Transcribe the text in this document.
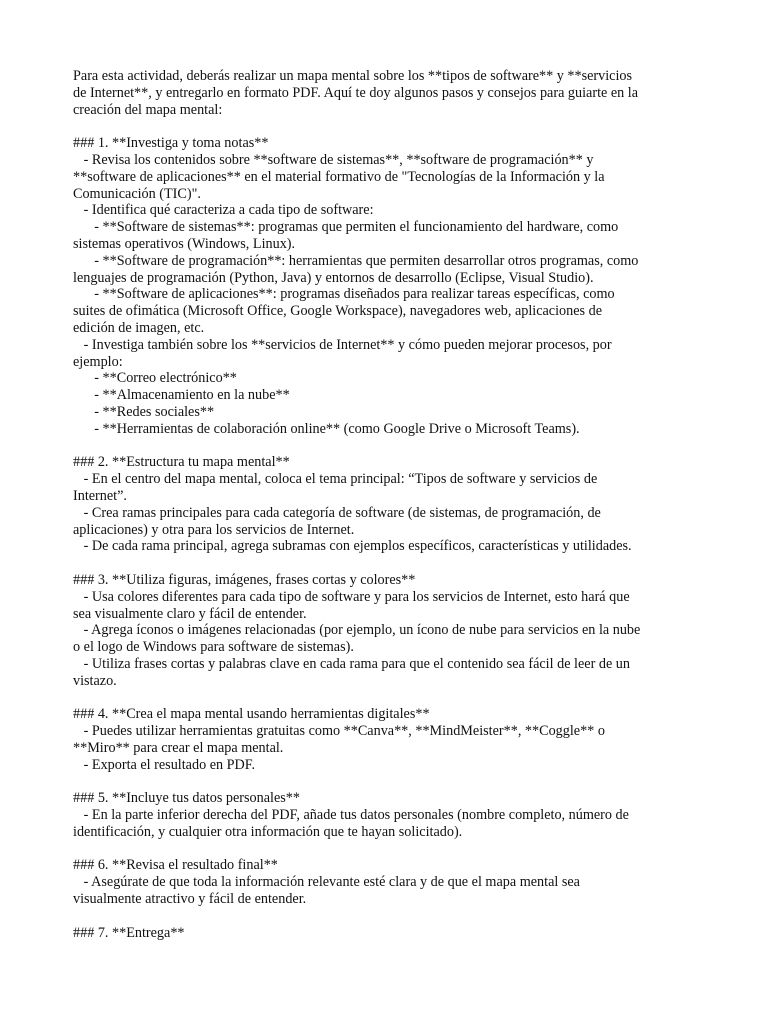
Para esta actividad, deberás realizar un mapa mental sobre los **tipos de software** y **servicios
de Internet**, y entregarlo en formato PDF. Aquí te doy algunos pasos y consejos para guiarte en la
creación del mapa mental:
### 1. **Investiga y toma notas**
- Revisa los contenidos sobre **software de sistemas**, **software de programación** y
**software de aplicaciones** en el material formativo de "Tecnologías de la Información y la
Comunicación (TIC)".
- Identifica qué caracteriza a cada tipo de software:
- **Software de sistemas**: programas que permiten el funcionamiento del hardware, como
sistemas operativos (Windows, Linux).
- **Software de programación**: herramientas que permiten desarrollar otros programas, como
lenguajes de programación (Python, Java) y entornos de desarrollo (Eclipse, Visual Studio).
- **Software de aplicaciones**: programas diseñados para realizar tareas específicas, como
suites de ofimática (Microsoft Office, Google Workspace), navegadores web, aplicaciones de
edición de imagen, etc.
- Investiga también sobre los **servicios de Internet** y cómo pueden mejorar procesos, por
ejemplo:
- **Correo electrónico**
- **Almacenamiento en la nube**
- **Redes sociales**
- **Herramientas de colaboración online** (como Google Drive o Microsoft Teams).
### 2. **Estructura tu mapa mental**
- En el centro del mapa mental, coloca el tema principal: “Tipos de software y servicios de
Internet”.
- Crea ramas principales para cada categoría de software (de sistemas, de programación, de
aplicaciones) y otra para los servicios de Internet.
- De cada rama principal, agrega subramas con ejemplos específicos, características y utilidades.
### 3. **Utiliza figuras, imágenes, frases cortas y colores**
- Usa colores diferentes para cada tipo de software y para los servicios de Internet, esto hará que
sea visualmente claro y fácil de entender.
- Agrega íconos o imágenes relacionadas (por ejemplo, un ícono de nube para servicios en la nube
o el logo de Windows para software de sistemas).
- Utiliza frases cortas y palabras clave en cada rama para que el contenido sea fácil de leer de un
vistazo.
### 4. **Crea el mapa mental usando herramientas digitales**
- Puedes utilizar herramientas gratuitas como **Canva**, **MindMeister**, **Coggle** o
**Miro** para crear el mapa mental.
- Exporta el resultado en PDF.
### 5. **Incluye tus datos personales**
- En la parte inferior derecha del PDF, añade tus datos personales (nombre completo, número de
identificación, y cualquier otra información que te hayan solicitado).
### 6. **Revisa el resultado final**
- Asegúrate de que toda la información relevante esté clara y de que el mapa mental sea
visualmente atractivo y fácil de entender.
### 7. **Entrega**
